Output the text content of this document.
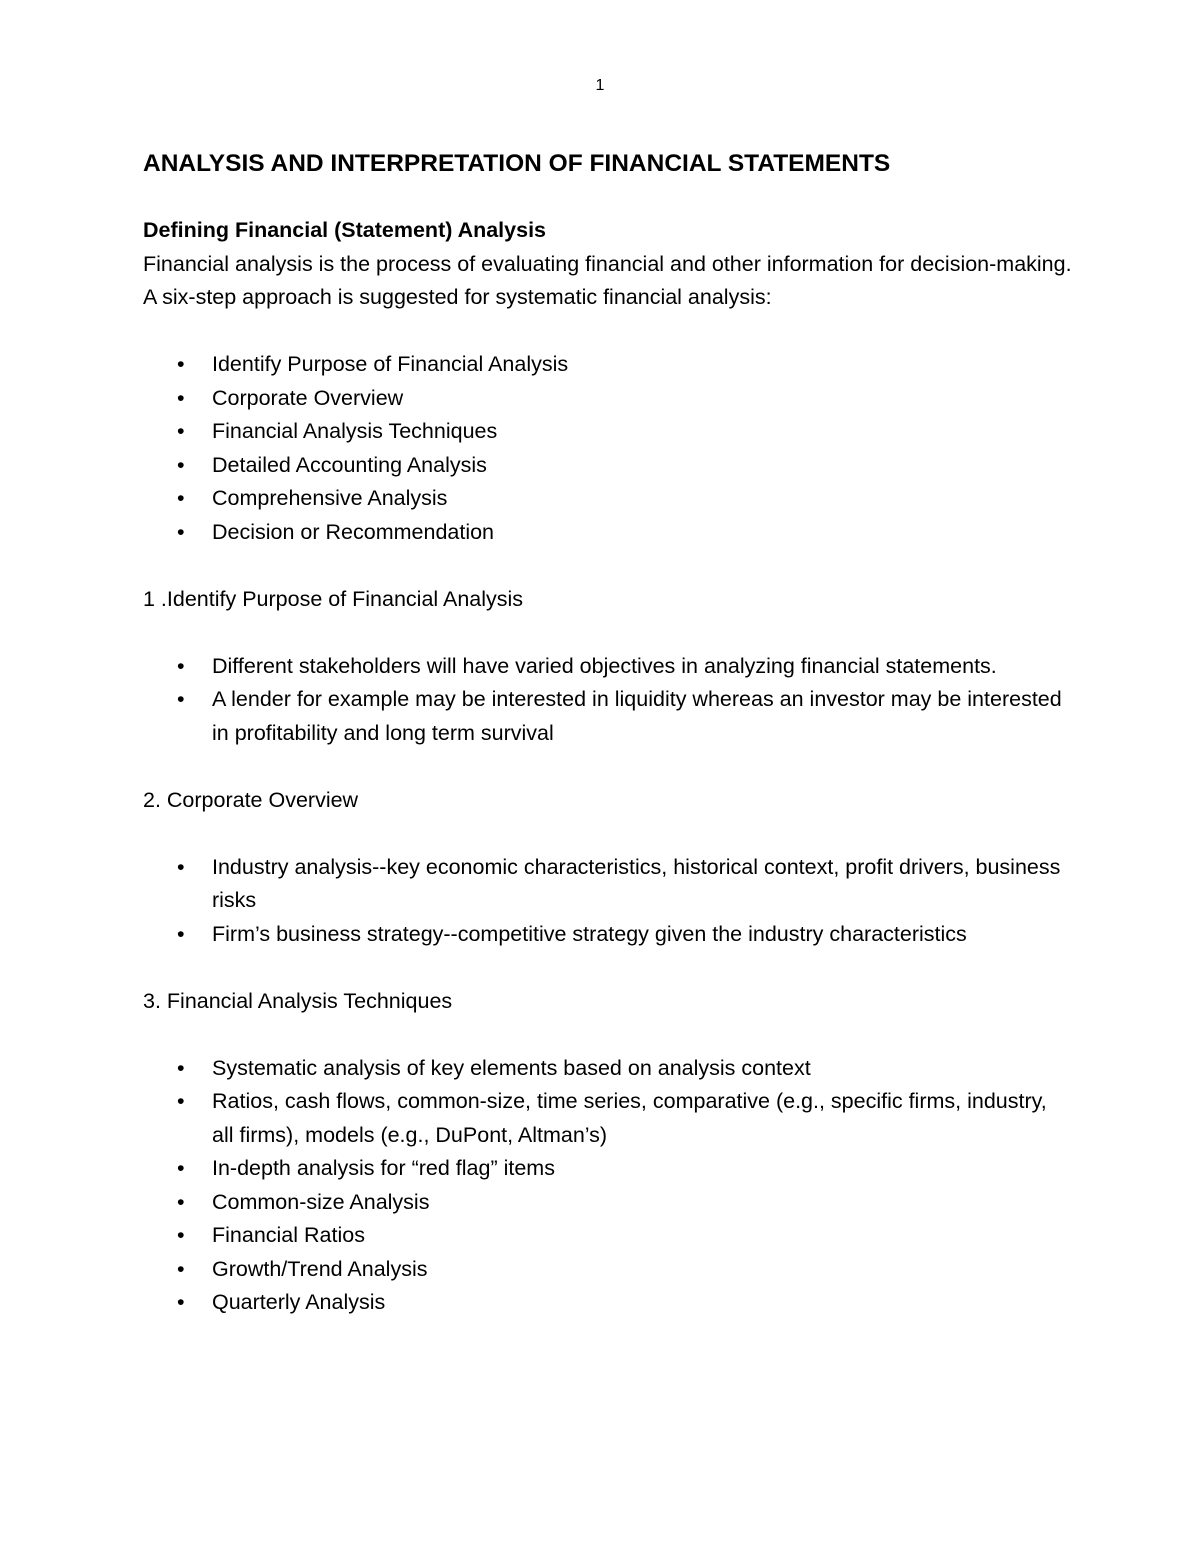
1
ANALYSIS AND INTERPRETATION OF FINANCIAL STATEMENTS

Defining Financial (Statement) Analysis

Financial analysis is the process of evaluating financial and other information for decision-making.

A six-step approach is suggested for systematic financial analysis:

•	Identify Purpose of Financial Analysis
•	Corporate Overview
•	Financial Analysis Techniques
•	Detailed Accounting Analysis
•	Comprehensive Analysis
•	Decision or Recommendation

1 .Identify Purpose of Financial Analysis

•	Different stakeholders will have varied objectives in analyzing financial statements.
•	A lender for example may be interested in liquidity whereas an investor may be interested in profitability and long term survival

2. Corporate Overview

•	Industry analysis--key economic characteristics, historical context, profit drivers, business risks
•	Firm’s business strategy--competitive strategy given the industry characteristics

3. Financial Analysis Techniques

•	Systematic analysis of key elements based on analysis context
•	Ratios, cash flows, common-size, time series, comparative (e.g., specific firms, industry, all firms), models (e.g., DuPont, Altman’s)
•	In-depth analysis for “red flag” items
•	Common-size Analysis
•	Financial Ratios
•	Growth/Trend Analysis
•	Quarterly Analysis
